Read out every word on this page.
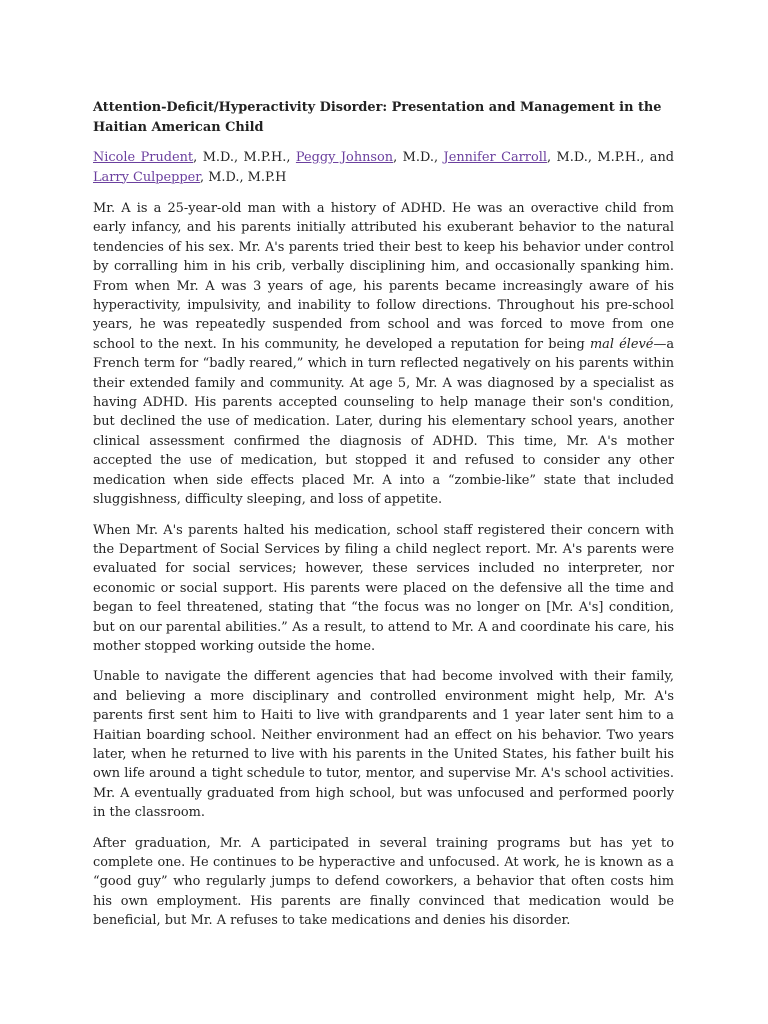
Attention-Deficit/Hyperactivity Disorder: Presentation and Management in the Haitian American Child
Nicole Prudent, M.D., M.P.H., Peggy Johnson, M.D., Jennifer Carroll, M.D., M.P.H., and Larry Culpepper, M.D., M.P.H

Mr. A is a 25-year-old man with a history of ADHD. He was an overactive child from early infancy, and his parents initially attributed his exuberant behavior to the natural tendencies of his sex. Mr. A's parents tried their best to keep his behavior under control by corralling him in his crib, verbally disciplining him, and occasionally spanking him. From when Mr. A was 3 years of age, his parents became increasingly aware of his hyperactivity, impulsivity, and inability to follow directions. Throughout his pre-school years, he was repeatedly suspended from school and was forced to move from one school to the next. In his community, he developed a reputation for being mal élevé—a French term for “badly reared,” which in turn reflected negatively on his parents within their extended family and community. At age 5, Mr. A was diagnosed by a specialist as having ADHD. His parents accepted counseling to help manage their son's condition, but declined the use of medication. Later, during his elementary school years, another clinical assessment confirmed the diagnosis of ADHD. This time, Mr. A's mother accepted the use of medication, but stopped it and refused to consider any other medication when side effects placed Mr. A into a “zombie-like” state that included sluggishness, difficulty sleeping, and loss of appetite.

When Mr. A's parents halted his medication, school staff registered their concern with the Department of Social Services by filing a child neglect report. Mr. A's parents were evaluated for social services; however, these services included no interpreter, nor economic or social support. His parents were placed on the defensive all the time and began to feel threatened, stating that “the focus was no longer on [Mr. A's] condition, but on our parental abilities.” As a result, to attend to Mr. A and coordinate his care, his mother stopped working outside the home.

Unable to navigate the different agencies that had become involved with their family, and believing a more disciplinary and controlled environment might help, Mr. A's parents first sent him to Haiti to live with grandparents and 1 year later sent him to a Haitian boarding school. Neither environment had an effect on his behavior. Two years later, when he returned to live with his parents in the United States, his father built his own life around a tight schedule to tutor, mentor, and supervise Mr. A's school activities. Mr. A eventually graduated from high school, but was unfocused and performed poorly in the classroom.

After graduation, Mr. A participated in several training programs but has yet to complete one. He continues to be hyperactive and unfocused. At work, he is known as a “good guy” who regularly jumps to defend coworkers, a behavior that often costs him his own employment. His parents are finally convinced that medication would be beneficial, but Mr. A refuses to take medications and denies his disorder.
